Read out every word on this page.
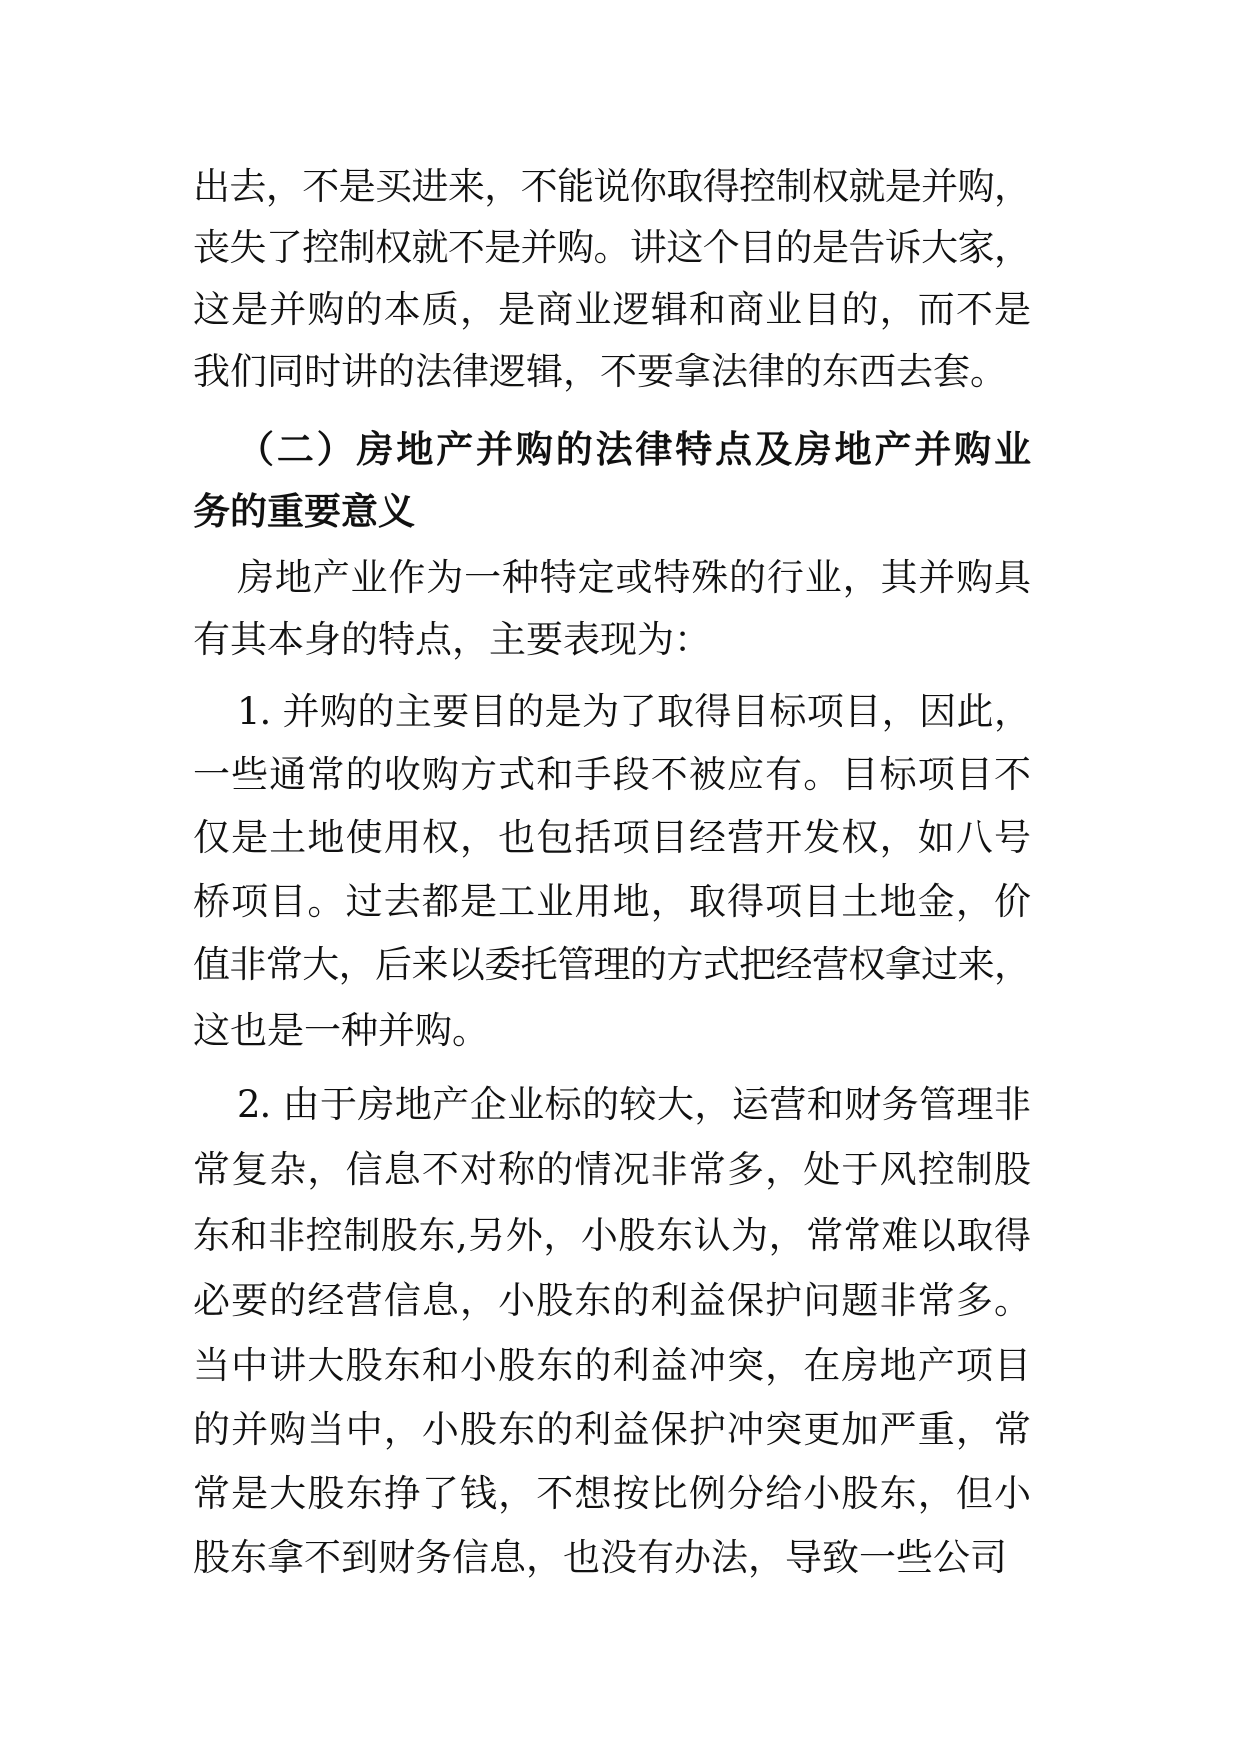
出去，不是买进来，不能说你取得控制权就是并购，
丧失了控制权就不是并购。讲这个目的是告诉大家，
这是并购的本质，是商业逻辑和商业目的，而不是
我们同时讲的法律逻辑，不要拿法律的东西去套。
（二）房地产并购的法律特点及房地产并购业
务的重要意义
房地产业作为一种特定或特殊的行业，其并购具
有其本身的特点，主要表现为：
1. 并购的主要目的是为了取得目标项目，因此，
一些通常的收购方式和手段不被应有。目标项目不
仅是土地使用权，也包括项目经营开发权，如八号
桥项目。过去都是工业用地，取得项目土地金，价
值非常大，后来以委托管理的方式把经营权拿过来，
这也是一种并购。
2. 由于房地产企业标的较大，运营和财务管理非
常复杂，信息不对称的情况非常多，处于风控制股
东和非控制股东,另外，小股东认为，常常难以取得
必要的经营信息，小股东的利益保护问题非常多。
当中讲大股东和小股东的利益冲突，在房地产项目
的并购当中，小股东的利益保护冲突更加严重，常
常是大股东挣了钱，不想按比例分给小股东，但小
股东拿不到财务信息，也没有办法，导致一些公司
